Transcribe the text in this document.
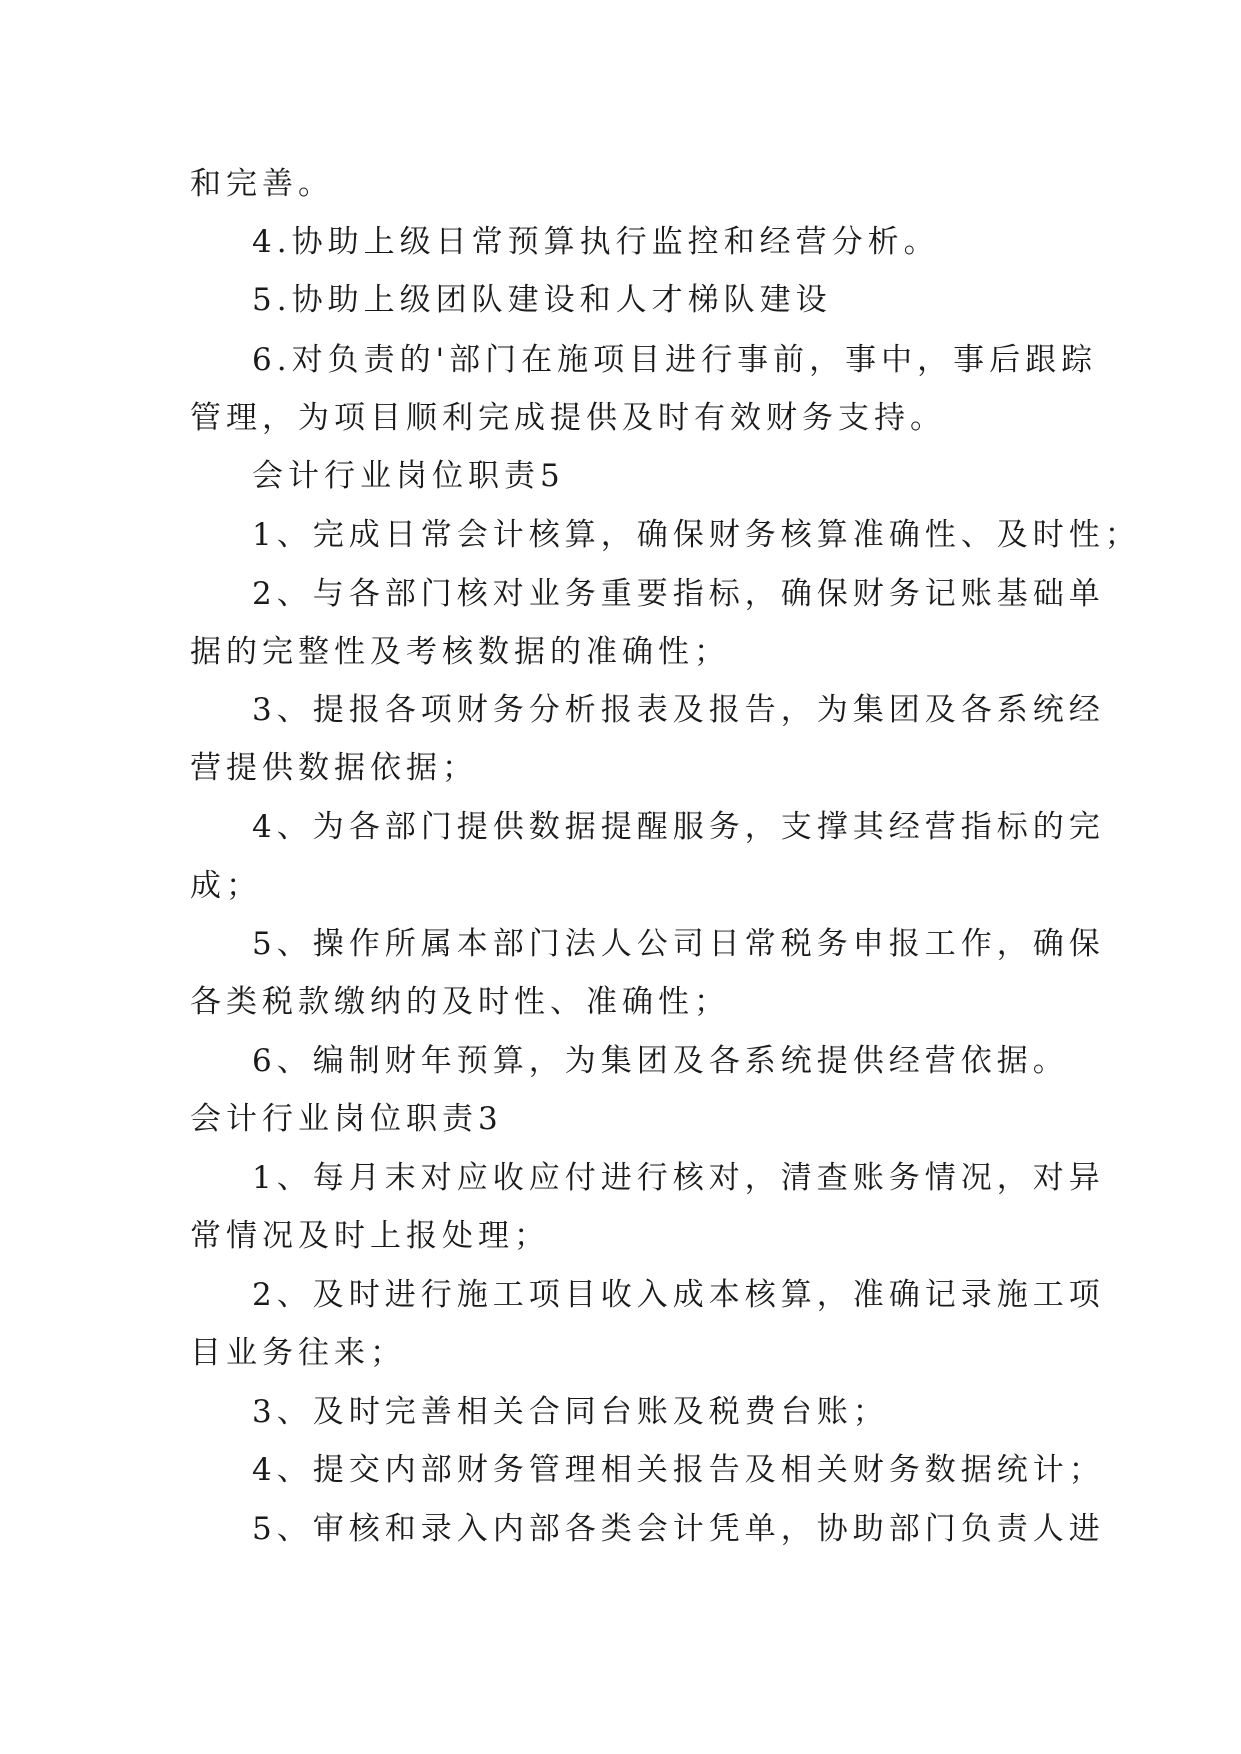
和完善。
4.协助上级日常预算执行监控和经营分析。
5.协助上级团队建设和人才梯队建设
6.对负责的'部门在施项目进行事前，事中，事后跟踪
管理，为项目顺利完成提供及时有效财务支持。
会计行业岗位职责5
1、完成日常会计核算，确保财务核算准确性、及时性；
2、与各部门核对业务重要指标，确保财务记账基础单
据的完整性及考核数据的准确性；
3、提报各项财务分析报表及报告，为集团及各系统经
营提供数据依据；
4、为各部门提供数据提醒服务，支撑其经营指标的完
成；
5、操作所属本部门法人公司日常税务申报工作，确保
各类税款缴纳的及时性、准确性；
6、编制财年预算，为集团及各系统提供经营依据。
会计行业岗位职责3
1、每月末对应收应付进行核对，清查账务情况，对异
常情况及时上报处理；
2、及时进行施工项目收入成本核算，准确记录施工项
目业务往来；
3、及时完善相关合同台账及税费台账；
4、提交内部财务管理相关报告及相关财务数据统计；
5、审核和录入内部各类会计凭单，协助部门负责人进
